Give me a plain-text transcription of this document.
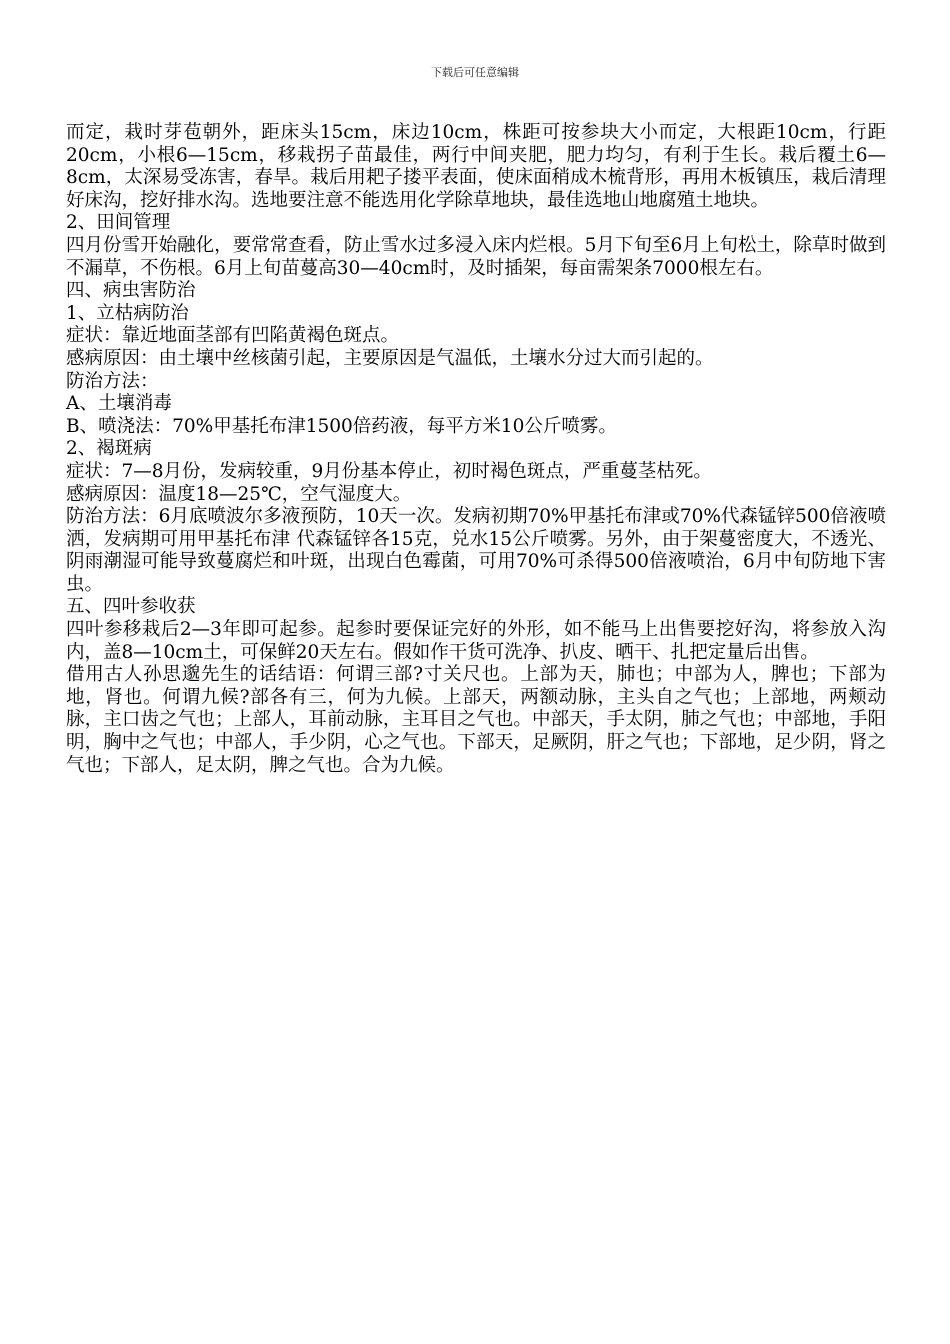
下载后可任意编辑

而定，栽时芽苞朝外，距床头15cm，床边10cm，株距可按参块大小而定，大根距10cm，行距20cm，小根6—15cm，移栽拐子苗最佳，两行中间夹肥，肥力均匀，有利于生长。栽后覆土6—8cm，太深易受冻害，春旱。栽后用耙子搂平表面，使床面稍成木梳背形，再用木板镇压，栽后清理好床沟，挖好排水沟。选地要注意不能选用化学除草地块，最佳选地山地腐殖土地块。

2、田间管理

四月份雪开始融化，要常常查看，防止雪水过多浸入床内烂根。5月下旬至6月上旬松土，除草时做到不漏草，不伤根。6月上旬苗蔓高30—40cm时，及时插架，每亩需架条7000根左右。

四、病虫害防治

1、立枯病防治

症状：靠近地面茎部有凹陷黄褐色斑点。

感病原因：由土壤中丝核菌引起，主要原因是气温低，土壤水分过大而引起的。

防治方法：

A、土壤消毒

B、喷浇法：70%甲基托布津1500倍药液，每平方米10公斤喷雾。

2、褐斑病

症状：7—8月份，发病较重，9月份基本停止，初时褐色斑点，严重蔓茎枯死。

感病原因：温度18—25℃，空气湿度大。

防治方法：6月底喷波尔多液预防，10天一次。发病初期70%甲基托布津或70%代森锰锌500倍液喷洒，发病期可用甲基托布津 代森锰锌各15克，兑水15公斤喷雾。另外，由于架蔓密度大，不透光、阴雨潮湿可能导致蔓腐烂和叶斑，出现白色霉菌，可用70%可杀得500倍液喷治，6月中旬防地下害虫。

五、四叶参收获

四叶参移栽后2—3年即可起参。起参时要保证完好的外形，如不能马上出售要挖好沟，将参放入沟内，盖8—10cm土，可保鲜20天左右。假如作干货可洗净、扒皮、晒干、扎把定量后出售。

借用古人孙思邈先生的话结语：何谓三部?寸关尺也。上部为天，肺也；中部为人，脾也；下部为地，肾也。何谓九候?部各有三，何为九候。上部天，两额动脉，主头自之气也；上部地，两颊动脉，主口齿之气也；上部人，耳前动脉，主耳目之气也。中部天，手太阴，肺之气也；中部地，手阳明，胸中之气也；中部人，手少阴，心之气也。下部天，足厥阴，肝之气也；下部地，足少阴，肾之气也；下部人，足太阴，脾之气也。合为九候。
